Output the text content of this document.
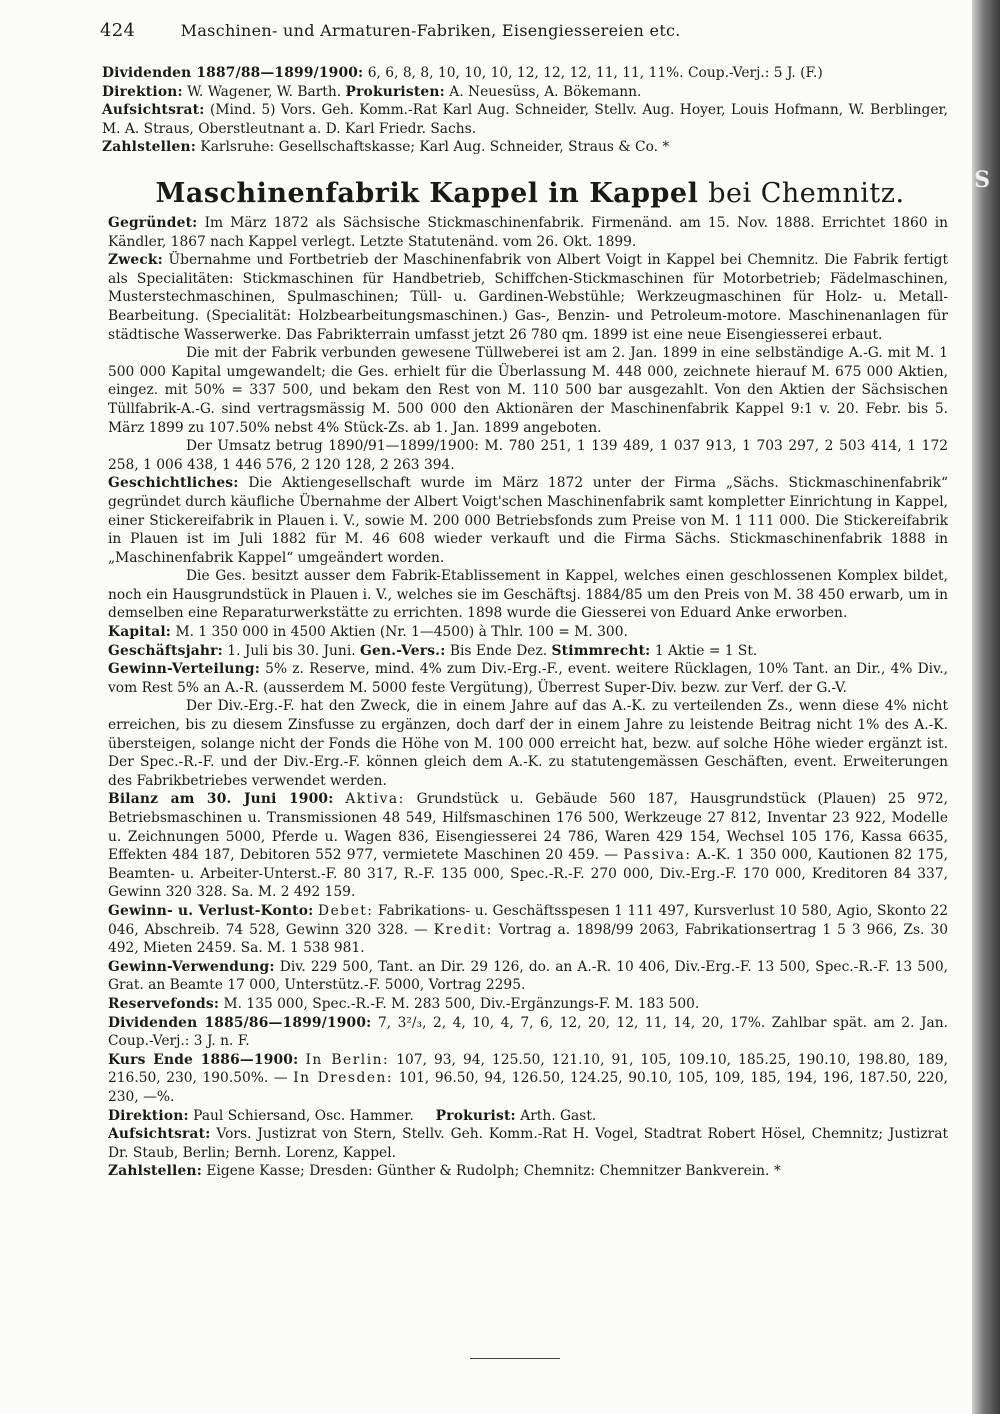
S
424	Maschinen- und Armaturen-Fabriken, Eisengiessereien etc.

Dividenden 1887/88—1899/1900: 6, 6, 8, 8, 10, 10, 10, 12, 12, 12, 11, 11, 11%. Coup.-Verj.: 5 J. (F.)

Direktion: W. Wagener, W. Barth. Prokuristen: A. Neuesüss, A. Bökemann.

Aufsichtsrat: (Mind. 5) Vors. Geh. Komm.-Rat Karl Aug. Schneider, Stellv. Aug. Hoyer, Louis Hofmann, W. Berblinger, M. A. Straus, Oberstleutnant a. D. Karl Friedr. Sachs.

Zahlstellen: Karlsruhe: Gesellschaftskasse; Karl Aug. Schneider, Straus & Co. *

Maschinenfabrik Kappel in Kappel bei Chemnitz.

Gegründet: Im März 1872 als Sächsische Stickmaschinenfabrik. Firmenänd. am 15. Nov. 1888. Errichtet 1860 in Kändler, 1867 nach Kappel verlegt. Letzte Statutenänd. vom 26. Okt. 1899.

Zweck: Übernahme und Fortbetrieb der Maschinenfabrik von Albert Voigt in Kappel bei Chemnitz. Die Fabrik fertigt als Specialitäten: Stickmaschinen für Handbetrieb, Schiffchen-Stickmaschinen für Motorbetrieb; Fädelmaschinen, Musterstechmaschinen, Spulmaschinen; Tüll- u. Gardinen-Webstühle; Werkzeugmaschinen für Holz- u. Metall-Bearbeitung. (Specialität: Holzbearbeitungsmaschinen.) Gas-, Benzin- und Petroleum-motore. Maschinenanlagen für städtische Wasserwerke. Das Fabrikterrain umfasst jetzt 26 780 qm. 1899 ist eine neue Eisengiesserei erbaut.

Die mit der Fabrik verbunden gewesene Tüllweberei ist am 2. Jan. 1899 in eine selbständige A.-G. mit M. 1 500 000 Kapital umgewandelt; die Ges. erhielt für die Überlassung M. 448 000, zeichnete hierauf M. 675 000 Aktien, eingez. mit 50% = 337 500, und bekam den Rest von M. 110 500 bar ausgezahlt. Von den Aktien der Sächsischen Tüllfabrik-A.-G. sind vertragsmässig M. 500 000 den Aktionären der Maschinenfabrik Kappel 9:1 v. 20. Febr. bis 5. März 1899 zu 107.50% nebst 4% Stück-Zs. ab 1. Jan. 1899 angeboten.

Der Umsatz betrug 1890/91—1899/1900: M. 780 251, 1 139 489, 1 037 913, 1 703 297, 2 503 414, 1 172 258, 1 006 438, 1 446 576, 2 120 128, 2 263 394.

Geschichtliches: Die Aktiengesellschaft wurde im März 1872 unter der Firma „Sächs. Stickmaschinenfabrik“ gegründet durch käufliche Übernahme der Albert Voigt'schen Maschinenfabrik samt kompletter Einrichtung in Kappel, einer Stickereifabrik in Plauen i. V., sowie M. 200 000 Betriebsfonds zum Preise von M. 1 111 000. Die Stickereifabrik in Plauen ist im Juli 1882 für M. 46 608 wieder verkauft und die Firma Sächs. Stickmaschinenfabrik 1888 in „Maschinenfabrik Kappel“ umgeändert worden.

Die Ges. besitzt ausser dem Fabrik-Etablissement in Kappel, welches einen geschlossenen Komplex bildet, noch ein Hausgrundstück in Plauen i. V., welches sie im Geschäftsj. 1884/85 um den Preis von M. 38 450 erwarb, um in demselben eine Reparaturwerkstätte zu errichten. 1898 wurde die Giesserei von Eduard Anke erworben.

Kapital: M. 1 350 000 in 4500 Aktien (Nr. 1—4500) à Thlr. 100 = M. 300.

Geschäftsjahr: 1. Juli bis 30. Juni. Gen.-Vers.: Bis Ende Dez. Stimmrecht: 1 Aktie = 1 St.

Gewinn-Verteilung: 5% z. Reserve, mind. 4% zum Div.-Erg.-F., event. weitere Rücklagen, 10% Tant. an Dir., 4% Div., vom Rest 5% an A.-R. (ausserdem M. 5000 feste Vergütung), Überrest Super-Div. bezw. zur Verf. der G.-V.

Der Div.-Erg.-F. hat den Zweck, die in einem Jahre auf das A.-K. zu verteilenden Zs., wenn diese 4% nicht erreichen, bis zu diesem Zinsfusse zu ergänzen, doch darf der in einem Jahre zu leistende Beitrag nicht 1% des A.-K. übersteigen, solange nicht der Fonds die Höhe von M. 100 000 erreicht hat, bezw. auf solche Höhe wieder ergänzt ist. Der Spec.-R.-F. und der Div.-Erg.-F. können gleich dem A.-K. zu statutengemässen Geschäften, event. Erweiterungen des Fabrikbetriebes verwendet werden.

Bilanz am 30. Juni 1900: Aktiva: Grundstück u. Gebäude 560 187, Hausgrundstück (Plauen) 25 972, Betriebsmaschinen u. Transmissionen 48 549, Hilfsmaschinen 176 500, Werkzeuge 27 812, Inventar 23 922, Modelle u. Zeichnungen 5000, Pferde u. Wagen 836, Eisengiesserei 24 786, Waren 429 154, Wechsel 105 176, Kassa 6635, Effekten 484 187, Debitoren 552 977, vermietete Maschinen 20 459. — Passiva: A.-K. 1 350 000, Kautionen 82 175, Beamten- u. Arbeiter-Unterst.-F. 80 317, R.-F. 135 000, Spec.-R.-F. 270 000, Div.-Erg.-F. 170 000, Kreditoren 84 337, Gewinn 320 328. Sa. M. 2 492 159.

Gewinn- u. Verlust-Konto: Debet: Fabrikations- u. Geschäftsspesen 1 111 497, Kursverlust 10 580, Agio, Skonto 22 046, Abschreib. 74 528, Gewinn 320 328. — Kredit: Vortrag a. 1898/99 2063, Fabrikationsertrag 1 5 3 966, Zs. 30 492, Mieten 2459. Sa. M. 1 538 981.

Gewinn-Verwendung: Div. 229 500, Tant. an Dir. 29 126, do. an A.-R. 10 406, Div.-Erg.-F. 13 500, Spec.-R.-F. 13 500, Grat. an Beamte 17 000, Unterstütz.-F. 5000, Vortrag 2295.

Reservefonds: M. 135 000, Spec.-R.-F. M. 283 500, Div.-Ergänzungs-F. M. 183 500.

Dividenden 1885/86—1899/1900: 7, 3²/₃, 2, 4, 10, 4, 7, 6, 12, 20, 12, 11, 14, 20, 17%. Zahlbar spät. am 2. Jan. Coup.-Verj.: 3 J. n. F.

Kurs Ende 1886—1900: In Berlin: 107, 93, 94, 125.50, 121.10, 91, 105, 109.10, 185.25, 190.10, 198.80, 189, 216.50, 230, 190.50%. — In Dresden: 101, 96.50, 94, 126.50, 124.25, 90.10, 105, 109, 185, 194, 196, 187.50, 220, 230, —%.

Direktion: Paul Schiersand, Osc. Hammer. Prokurist: Arth. Gast.

Aufsichtsrat: Vors. Justizrat von Stern, Stellv. Geh. Komm.-Rat H. Vogel, Stadtrat Robert Hösel, Chemnitz; Justizrat Dr. Staub, Berlin; Bernh. Lorenz, Kappel.

Zahlstellen: Eigene Kasse; Dresden: Günther & Rudolph; Chemnitz: Chemnitzer Bankverein. *
